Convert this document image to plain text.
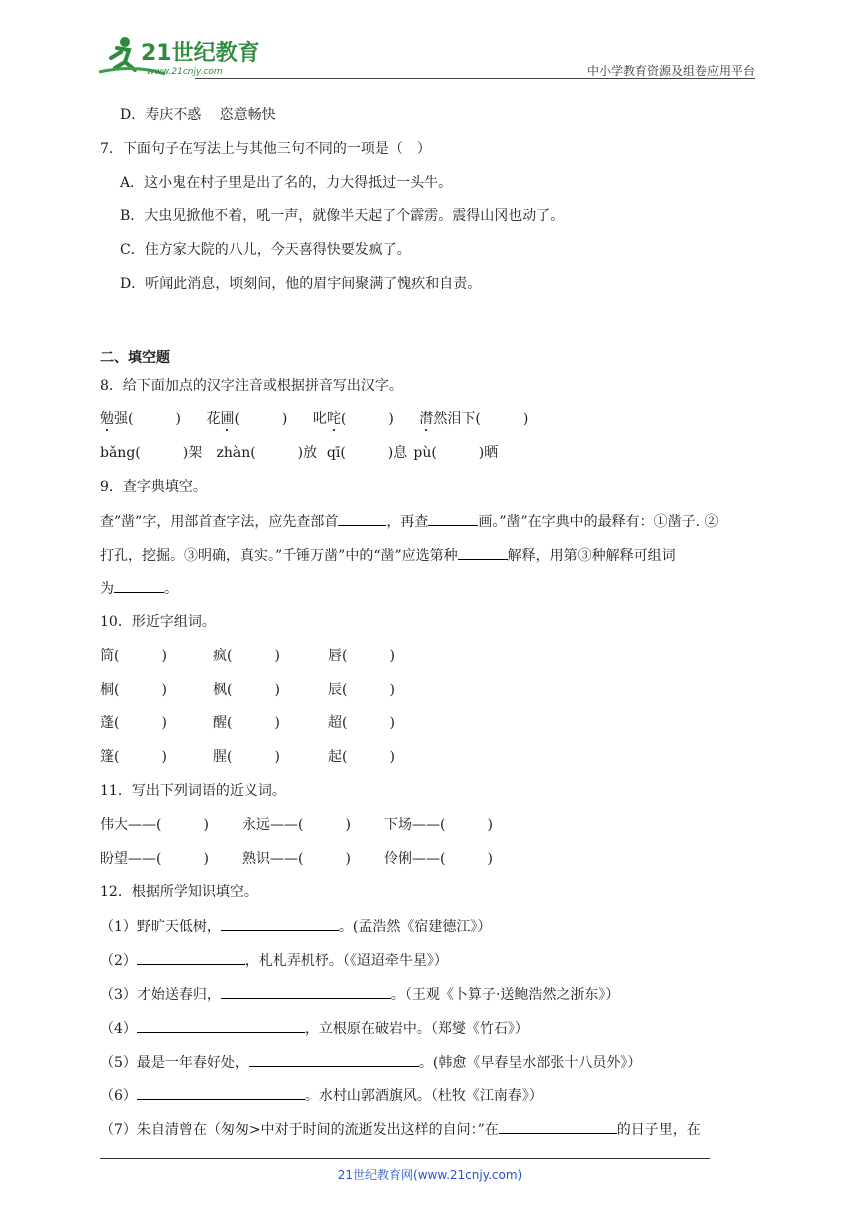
21世纪教育
www.21cnjy.com	中小学教育资源及组卷应用平台
D．寿庆不惑　 恣意畅快
7．下面句子在写法上与其他三句不同的一项是（　）
A．这小鬼在村子里是出了名的，力大得抵过一头牛。
B．大虫见掀他不着，吼一声，就像半天起了个霹雳。震得山冈也动了。
C．住方家大院的八儿，今天喜得快要发疯了。
D．听闻此消息，顷刻间，他的眉宇间聚满了愧疚和自责。
二、填空题
8．给下面加点的汉字注音或根据拼音写出汉字。
勉强(　　　) 花圃(　　　) 叱咤(　　　) 潸然泪下(　　　)
bǎng(　　　)架 zhàn(　　　)放 qī(　　　)息 pù(　　　)晒
9．查字典填空。
查”凿”字，用部首查字法，应先查部首	，再查	画。”凿”在字典中的最释有：①凿子. ②
打孔，挖掘。③明确，真实。”千锤万凿”中的“凿”应选第种	解释，用第③种解释可组词
为	。
10．形近字组词。
筒(　　　)	疯(　　　)	唇(　　　)
桐(　　　)	枫(　　　)	辰(　　　)
蓬(　　　)	醒(　　　)	超(　　　)
篷(　　　)	腥(　　　)	起(　　　)
11．写出下列词语的近义词。
伟大——(　　　) 永远——(　　　) 下场——(　　　)
盼望——(　　　) 熟识——(　　　) 伶俐——(　　　)
12．根据所学知识填空。
（1）野旷天低树，	。(孟浩然《宿建德江》）
（2）	，札札弄机杼。（《迢迢牵牛星》）
（3）才始送春归，	。（王观《卜算子·送鲍浩然之浙东》）
（4）	，立根原在破岩中。（郑燮《竹石》）
（5）最是一年春好处，	。(韩愈《早春呈水部张十八员外》）
（6）	。水村山郭酒旗风。（杜牧《江南春》）
（7）朱自清曾在（匆匆>中对于时间的流逝发出这样的自问：”在	的日子里，在
21世纪教育网(www.21cnjy.com)
